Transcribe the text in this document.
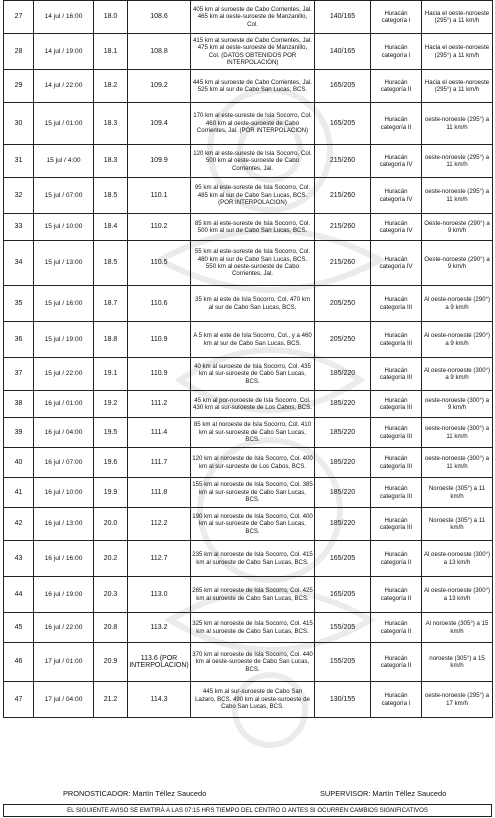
27	14 jul / 16:00	18.0	108.6	405 km al suroeste de Cabo Corrientes, Jal. 465 km al oeste-suroeste de Manzanillo, Col.	140/165	Huracán categoría I	Hacia el oeste-noroeste (295°) a 11 km/h
28	14 jul / 19:00	18.1	108.8	415 km al suroeste de Cabo Corrientes, Jal. 475 km al oeste-suroeste de Manzanillo, Col. (DATOS OBTENIDOS POR INTERPOLACIÓN)	140/165	Huracán categoría I	Hacia el oeste-noroeste (295°) a 11 km/h
29	14 jul / 22:00	18.2	109.2	445 km al suroeste de Cabo Corrientes, Jal. 525 km al sur de Cabo San Lucas, BCS.	165/205	Huracán categoría II	Hacia el oeste-noroeste (295°) a 11 km/h
30	15 jul / 01:00	18.3	109.4	170 km al este-sureste de Isla Socorro, Col. 460 km al oeste-suroeste de Cabo Corrientes, Jal. (POR INTERPOLACION)	165/205	Huracán categoría II	oeste-noroeste (295°) a 11 km/h
31	15 jul / 4:00	18.3	109.9	120 km al este-sureste de Isla Socorro, Col. 500 km al oeste-suroeste de Cabo Corrientes, Jal.	215/260	Huracán categoría IV	oeste-noroeste (295°) a 11 km/h
32	15 jul / 07:00	18.5	110.1	95 km al este-sureste de Isla Socorro, Col. 485 km al sur de Cabo San Lucas, BCS. (POR INTERPOLACION)	215/260	Huracán categoría IV	oeste-noroeste (295°) a 11 km/h
33	15 jul / 10:00	18.4	110.2	85 km al este-sureste de Isla Socorro, Col. 500 km al sur de Cabo San Lucas, BCS.	215/260	Huracán categoría IV	Oeste-noroeste (290°) a 9 km/h
34	15 jul / 13:00	18.5	110.5	55 km al este-sureste de Isla Socorro, Col. 480 km al sur de Cabo San Lucas, BCS. 550 km al oeste-suroeste de Cabo Corrientes, Jal.	215/260	Huracán categoría IV	Oeste-noroeste (290°) a 9 km/h
35	15 jul / 16:00	18.7	110.6	35 km al este de Isla Socorro, Col. 470 km al sur de Cabo San Lucas, BCS.	205/250	Huracán categoría III	Al oeste-noroeste (290°) a 9 km/h
36	15 jul / 19:00	18.8	110.9	A 5 km al este de Isla Socorro, Col., y a 460 km al sur de Cabo San Lucas, BCS.	205/250	Huracán categoría III	Al oeste-noroeste (290°) a 9 km/h
37	15 jul / 22:00	19.1	110.9	40 km al suroeste de Isla Socorro, Col. 435 km al sur-suroeste de Cabo San Lucas, BCS.	185/220	Huracán categoría III	Al oeste-noroeste (300°) a 9 km/h
38	16 jul / 01:00	19.2	111.2	45 km al por-noroeste de Isla Socorro, Col. 430 km al sur-suroeste de Los Cabos, BCS.	185/220	Huracán categoría III	oeste-noroeste (300°) a 9 km/h
39	16 jul / 04:00	19.5	111.4	85 km al noroeste de Isla Socorro, Col. 410 km al sur-suroeste de Cabo San Lucas, BCS.	185/220	Huracán categoría III	oeste-noroeste (300°) a 11 km/h
40	16 jul / 07:00	19.6	111.7	120 km al noroeste de Isla Socorro, Col. 400 km al sur-suroeste de Los Cabos, BCS.	185/220	Huracán categoría III	oeste-noroeste (300°) a 11 km/h
41	16 jul / 10:00	19.9	111.8	155 km al noroeste de Isla Socorro, Col. 385 km al sur-suroeste de Cabo San Lucas, BCS.	185/220	Huracán categoría III	Noroeste (305°) a 11 km/h
42	16 jul / 13:00	20.0	112.2	190 km al noroeste de Isla Socorro, Col. 400 km al sur-suroeste de Cabo San Lucas, BCS.	185/220	Huracán categoría III	Noroeste (305°) a 11 km/h
43	16 jul / 16:00	20.2	112.7	235 km al noroeste de Isla Socorro, Col. 415 km al suroeste de Cabo San Lucas, BCS.	165/205	Huracán categoría II	Al oeste-noroeste (300°) a 13 km/h
44	16 jul / 19:00	20.3	113.0	265 km al noroeste de Isla Socorro, Col. 425 km al suroeste de Cabo San Lucas, BCS.	165/205	Huracán categoría II	Al oeste-noroeste (300°) a 13 km/h
45	16 jul / 22:00	20.8	113.2	325 km al noroeste de Isla Socorro, Col. 415 km al suroeste de Cabo San Lucas, BCS.	155/205	Huracán categoría II	Al noroeste (305°) a 15 km/h
46	17 jul / 01:00	20.9	113.6 (POR INTERPOLACION)	370 km al noroeste de Isla Socorro, Col. 440 km al oeste-suroeste de Cabo San Lucas, BCS.	155/205	Huracán categoría II	noroeste (305°) a 15 km/h
47	17 jul / 04:00	21.2	114.3	445 km al sur-suroeste de Cabo San Lazaro, BCS. 490 km al oeste-suroeste de Cabo San Lucas, BCS.	130/155	Huracán categoría I	oeste-noroeste (295°) a 17 km/h
PRONOSTICADOR: Martín Téllez Saucedo	SUPERVISOR: Martín Téllez Saucedo
EL SIGUIENTE AVISO SE EMITIRÁ A LAS 07:15 HRS TIEMPO DEL CENTRO O ANTES SI OCURREN CAMBIOS SIGNIFICATIVOS
